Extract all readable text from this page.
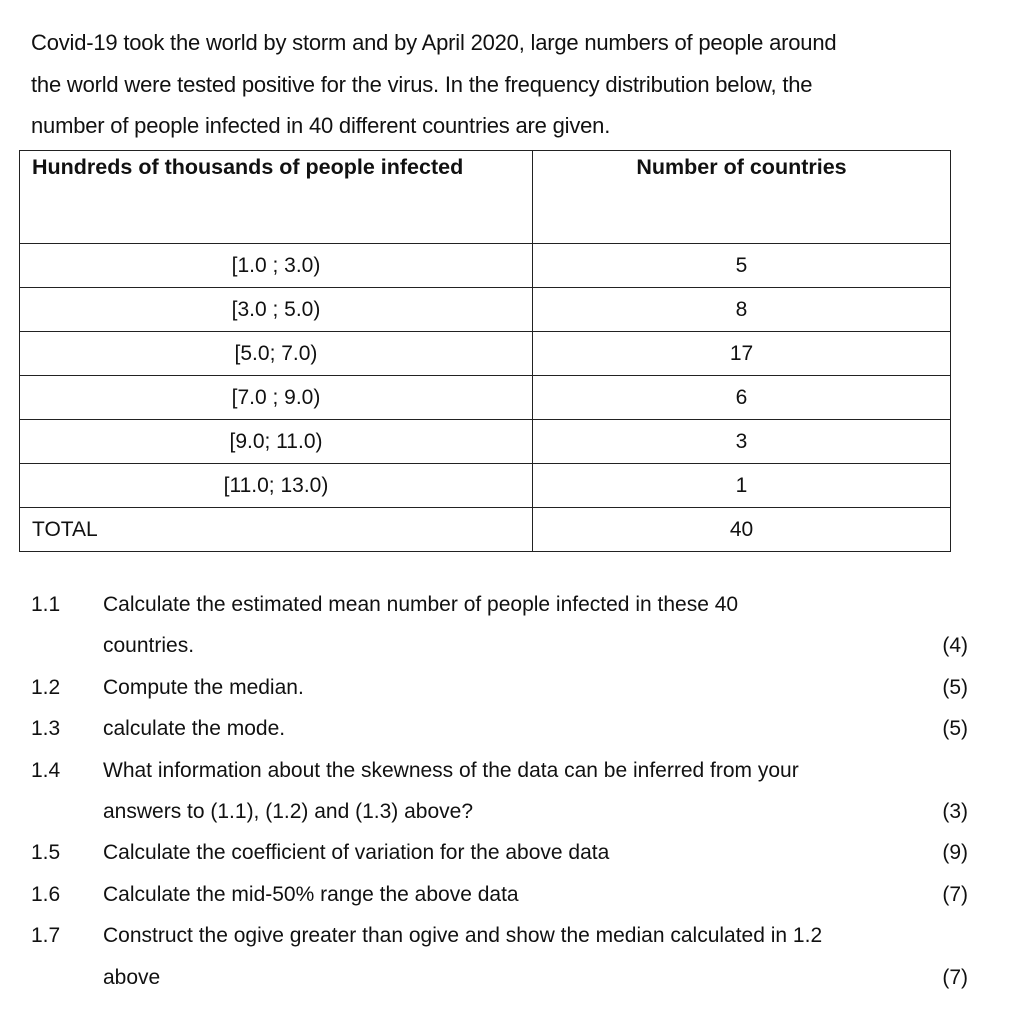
Covid-19 took the world by storm and by April 2020, large numbers of people around
the world were tested positive for the virus. In the frequency distribution below, the
number of people infected in 40 different countries are given.
Hundreds of thousands of people infected	Number of countries
[1.0 ; 3.0)	5
[3.0 ; 5.0)	8
[5.0; 7.0)	17
[7.0 ; 9.0)	6
[9.0; 11.0)	3
[11.0; 13.0)	1
TOTAL	40
1.1 Calculate the estimated mean number of people infected in these 40
countries.	(4)
1.2 Compute the median.	(5)
1.3 calculate the mode.	(5)
1.4 What information about the skewness of the data can be inferred from your
answers to (1.1), (1.2) and (1.3) above?	(3)
1.5 Calculate the coefficient of variation for the above data	(9)
1.6 Calculate the mid-50% range the above data	(7)
1.7 Construct the ogive greater than ogive and show the median calculated in 1.2
above	(7)
